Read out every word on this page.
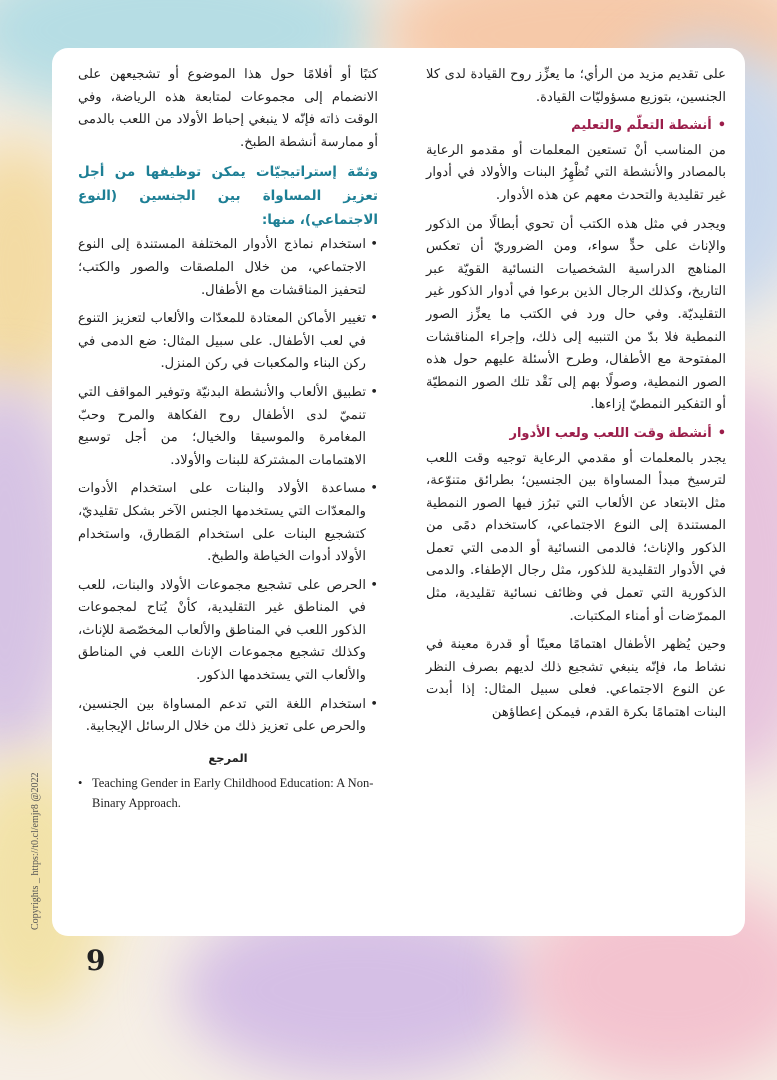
على تقديم مزيد من الرأي؛ ما يعزِّز روح القيادة لدى كلا الجنسين، بتوزيع مسؤوليّات القيادة.

•أنشطة التعلّم والتعليم

من المناسب أنْ تستعين المعلمات أو مقدمو الرعاية بالمصادر والأنشطة التي تُظْهِرُ البنات والأولاد في أدوار غير تقليدية والتحدث معهم عن هذه الأدوار.

ويجدر في مثل هذه الكتب أن تحوي أبطالًا من الذكور والإناث على حدٍّ سواء، ومن الضروريّ أن تعكس المناهج الدراسية الشخصيات النسائية القويّة عبر التاريخ، وكذلك الرجال الذين برعوا في أدوار الذكور غير التقليديّة. وفي حال ورد في الكتب ما يعزِّز الصور النمطية فلا بدّ من التنبيه إلى ذلك، وإجراء المناقشات المفتوحة مع الأطفال، وطرح الأسئلة عليهم حول هذه الصور النمطية، وصولًا بهم إلى نَقْد تلك الصور النمطيّة أو التفكير النمطيّ إزاءها.

•أنشطة وقت اللعب ولعب الأدوار

يجدر بالمعلمات أو مقدمي الرعاية توجيه وقت اللعب لترسيخ مبدأ المساواة بين الجنسين؛ بطرائق متنوّعة، مثل الابتعاد عن الألعاب التي تبرُز فيها الصور النمطية المستندة إلى النوع الاجتماعي، كاستخدام دمًى من الذكور والإناث؛ فالدمى النسائية أو الدمى التي تعمل في الأدوار التقليدية للذكور، مثل رجال الإطفاء. والدمى الذكورية التي تعمل في وظائف نسائية تقليدية، مثل الممرّضات أو أمناء المكتبات.

وحين يُظهر الأطفال اهتمامًا معينًا أو قدرة معينة في نشاط ما، فإنّه ينبغي تشجيع ذلك لديهم بصرف النظر عن النوع الاجتماعي. فعلى سبيل المثال: إذا أبدت البنات اهتمامًا بكرة القدم، فيمكن إعطاؤهن

كتبًا أو أفلامًا حول هذا الموضوع أو تشجيعهن على الانضمام إلى مجموعات لمتابعة هذه الرياضة، وفي الوقت ذاته فإنّه لا ينبغي إحباط الأولاد من اللعب بالدمى أو ممارسة أنشطة الطبخ.

وثمّة إستراتيجيّات يمكن توظيفها من أجل تعزيز المساواة بين الجنسين (النوع الاجتماعي)، منها:
•
استخدام نماذج الأدوار المختلفة المستندة إلى النوع الاجتماعي، من خلال الملصقات والصور والكتب؛ لتحفيز المناقشات مع الأطفال.
•
تغيير الأماكن المعتادة للمعدّات والألعاب لتعزيز التنوع في لعب الأطفال. على سبيل المثال: ضع الدمى في ركن البناء والمكعبات في ركن المنزل.
•
تطبيق الألعاب والأنشطة البدنيّة وتوفير المواقف التي تنميّ لدى الأطفال روح الفكاهة والمرح وحبّ المغامرة والموسيقا والخيال؛ من أجل توسيع الاهتمامات المشتركة للبنات والأولاد.
•
مساعدة الأولاد والبنات على استخدام الأدوات والمعدّات التي يستخدمها الجنس الآخر بشكل تقليديّ، كتشجيع البنات على استخدام المَطارق، واستخدام الأولاد أدوات الخياطة والطبخ.
•
الحرص على تشجيع مجموعات الأولاد والبنات، للعب في المناطق غير التقليدية، كأنْ يُتاح لمجموعات الذكور اللعب في المناطق والألعاب المخصّصة للإناث، وكذلك تشجيع مجموعات الإناث اللعب في المناطق والألعاب التي يستخدمها الذكور.
•
استخدام اللغة التي تدعم المساواة بين الجنسين، والحرص على تعزيز ذلك من خلال الرسائل الإيجابية.
المرجع
• Teaching Gender in Early Childhood Education: A Non-Binary Approach.
Copyrights _ https://t0.cl/emjr8 @2022
9
